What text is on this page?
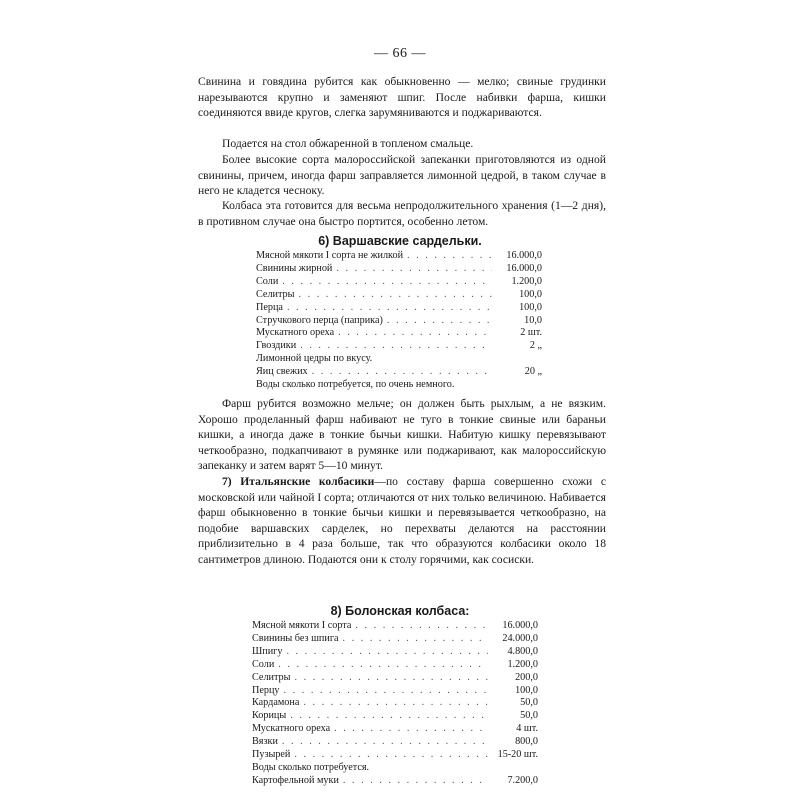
— 66 —

Свинина и говядина рубится как обыкновенно — мелко; свиные грудинки нарезываются крупно и заменяют шпиг. После набивки фарша, кишки соединяются ввиде кругов, слегка зарумяниваются и поджариваются.

Подается на стол обжаренной в топленом смальце.

Более высокие сорта малороссийской запеканки приготовляются из одной свинины, причем, иногда фарш заправляется лимонной цедрой, в таком случае в него не кладется чесноку.

Колбаса эта готовится для весьма непродолжительного хранения (1—2 дня), в противном случае она быстро портится, особенно летом.

6) Варшавские сардельки.
Мясной мякоти I сорта не жилкой . . .	16.000,0
Свинины жирной . . .	16.000,0
Соли . . .	1.200,0
Селитры . . .	100,0
Перца . . .	100,0
Стручкового перца (паприка) . . .	10,0
Мускатного ореха . . .	2 шт.
Гвоздики . . .	2 „
Лимонной цедры по вкусу.
Яиц свежих . . .	20 „
Воды сколько потребуется, по очень немного.

Фарш рубится возможно мельче; он должен быть рыхлым, а не вязким. Хорошо проделанный фарш набивают не туго в тонкие свиные или бараньи кишки, а иногда даже в тонкие бычьи кишки. Набитую кишку перевязывают четкообразно, подкапчивают в румянке или поджаривают, как малороссийскую запеканку и затем варят 5—10 минут.

7) Итальянские колбасики—по составу фарша совершенно схожи с московской или чайной I сорта; отличаются от них только величиною. Набивается фарш обыкновенно в тонкие бычьи кишки и перевязывается четкообразно, на подобие варшавских сарделек, но перехваты делаются на расстоянии приблизительно в 4 раза больше, так что образуются колбасики около 18 сантиметров длиною. Подаются они к столу горячими, как сосиски.

8) Болонская колбаса:
Мясной мякоти I сорта . . .	16.000,0
Свинины без шпига . . .	24.000,0
Шпигу . . .	4.800,0
Соли . . .	1.200,0
Селитры . . .	200,0
Перцу . . .	100,0
Кардамона . . .	50,0
Корицы . . .	50,0
Мускатного ореха . . .	4 шт.
Вязки . . .	800,0
Пузырей . . .	15-20 шт.
Воды сколько потребуется.
Картофельной муки . . .	7.200,0
